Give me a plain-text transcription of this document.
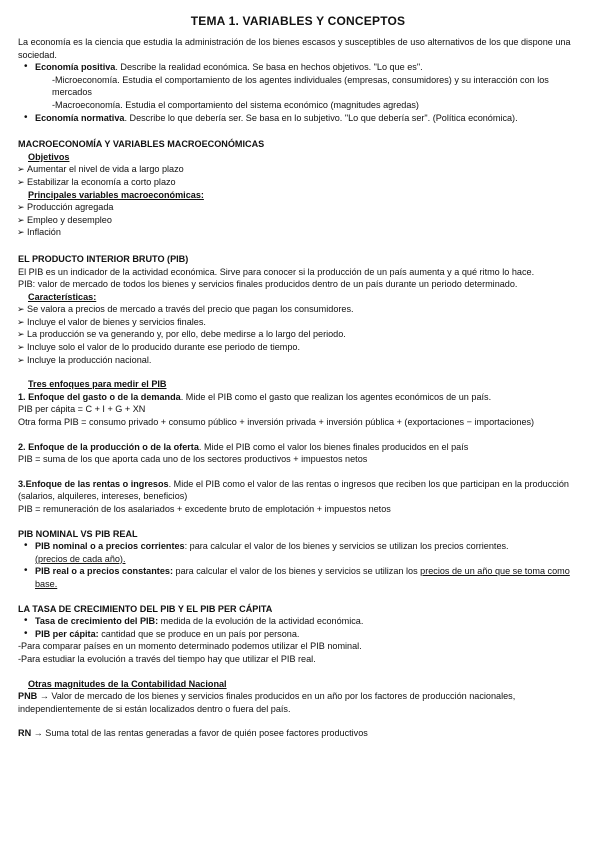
TEMA 1. VARIABLES Y CONCEPTOS

La economía es la ciencia que estudia la administración de los bienes escasos y susceptibles de uso alternativos de los que dispone una sociedad.

• Economía positiva. Describe la realidad económica. Se basa en hechos objetivos. "Lo que es".

-Microeconomía. Estudia el comportamiento de los agentes individuales (empresas, consumidores) y su interacción con los mercados

-Macroeconomía. Estudia el comportamiento del sistema económico (magnitudes agredas)

• Economía normativa. Describe lo que debería ser. Se basa en lo subjetivo. "Lo que debería ser". (Política económica).

MACROECONOMÍA Y VARIABLES MACROECONÓMICAS

Objetivos

➢ Aumentar el nivel de vida a largo plazo

➢ Estabilizar la economía a corto plazo

Principales variables macroeconómicas:

➢ Producción agregada

➢ Empleo y desempleo

➢ Inflación

EL PRODUCTO INTERIOR BRUTO (PIB)

El PIB es un indicador de la actividad económica. Sirve para conocer si la producción de un país aumenta y a qué ritmo lo hace.

PIB: valor de mercado de todos los bienes y servicios finales producidos dentro de un país durante un periodo determinado.

Características:

➢ Se valora a precios de mercado a través del precio que pagan los consumidores.

➢ Incluye el valor de bienes y servicios finales.

➢ La producción se va generando y, por ello, debe medirse a lo largo del periodo.

➢ Incluye solo el valor de lo producido durante ese periodo de tiempo.

➢ Incluye la producción nacional.

Tres enfoques para medir el PIB

1. Enfoque del gasto o de la demanda. Mide el PIB como el gasto que realizan los agentes económicos de un país.

PIB per cápita = C + I + G + XN

Otra forma PIB = consumo privado + consumo público + inversión privada + inversión pública + (exportaciones − importaciones)

2. Enfoque de la producción o de la oferta. Mide el PIB como el valor los bienes finales producidos en el país

PIB = suma de los que aporta cada uno de los sectores productivos + impuestos netos

3.Enfoque de las rentas o ingresos. Mide el PIB como el valor de las rentas o ingresos que reciben los que participan en la producción (salarios, alquileres, intereses, beneficios)

PIB = remuneración de los asalariados + excedente bruto de emplotación + impuestos netos

PIB NOMINAL VS PIB REAL

• PIB nominal o a precios corrientes: para calcular el valor de los bienes y servicios se utilizan los precios corrientes.
(precios de cada año).
• PIB real o a precios constantes: para calcular el valor de los bienes y servicios se utilizan los precios de un año que se toma como base.

LA TASA DE CRECIMIENTO DEL PIB Y EL PIB PER CÁPITA

• Tasa de crecimiento del PIB: medida de la evolución de la actividad económica.
• PIB per cápita: cantidad que se produce en un país por persona.

-Para comparar países en un momento determinado podemos utilizar el PIB nominal.

-Para estudiar la evolución a través del tiempo hay que utilizar el PIB real.

Otras magnitudes de la Contabilidad Nacional

PNB → Valor de mercado de los bienes y servicios finales producidos en un año por los factores de producción nacionales, independientemente de si están localizados dentro o fuera del país.

RN → Suma total de las rentas generadas a favor de quién posee factores productivos
